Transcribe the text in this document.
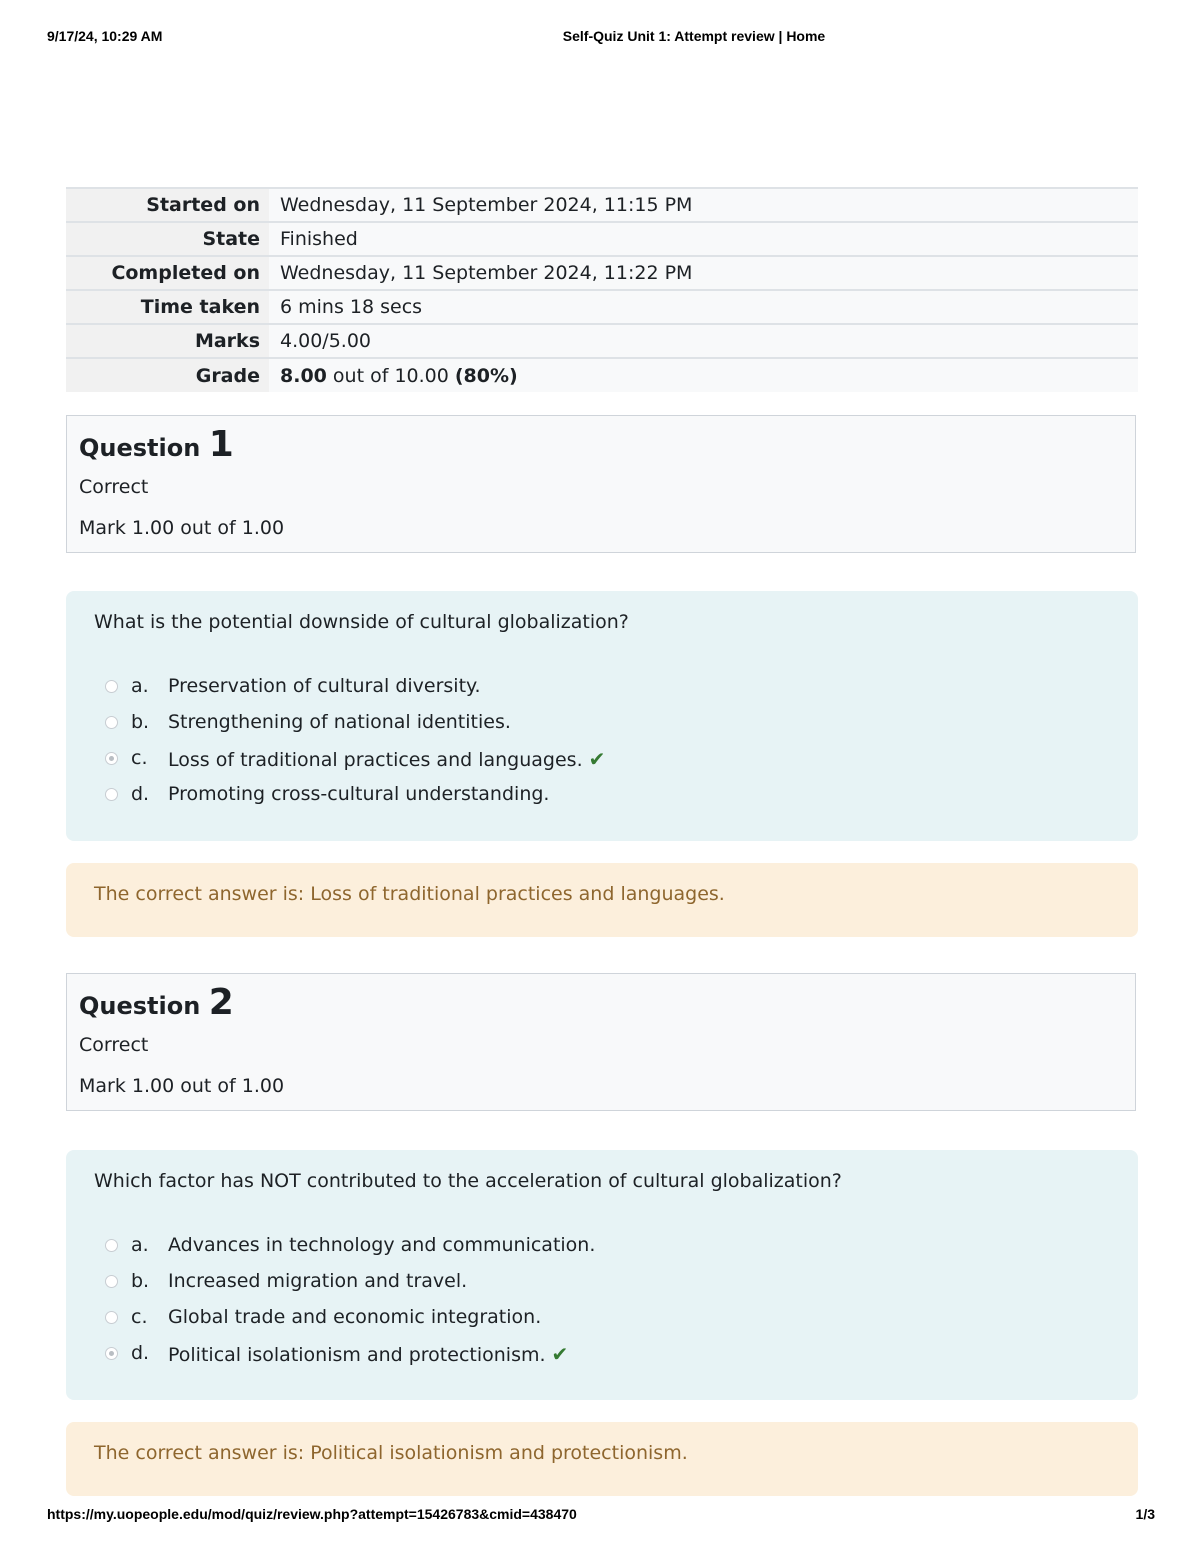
9/17/24, 10:29 AM	Self-Quiz Unit 1: Attempt review | Home
Started on	Wednesday, 11 September 2024, 11:15 PM
State	Finished
Completed on	Wednesday, 11 September 2024, 11:22 PM
Time taken	6 mins 18 secs
Marks	4.00/5.00
Grade	8.00 out of 10.00 (80%)
Question 1
Correct
Mark 1.00 out of 1.00
What is the potential downside of cultural globalization?
a. Preservation of cultural diversity.
b. Strengthening of national identities.
c. Loss of traditional practices and languages. ✔
d. Promoting cross-cultural understanding.
The correct answer is: Loss of traditional practices and languages.
Question 2
Correct
Mark 1.00 out of 1.00
Which factor has NOT contributed to the acceleration of cultural globalization?
a. Advances in technology and communication.
b. Increased migration and travel.
c. Global trade and economic integration.
d. Political isolationism and protectionism. ✔
The correct answer is: Political isolationism and protectionism.
https://my.uopeople.edu/mod/quiz/review.php?attempt=15426783&cmid=438470	1/3
